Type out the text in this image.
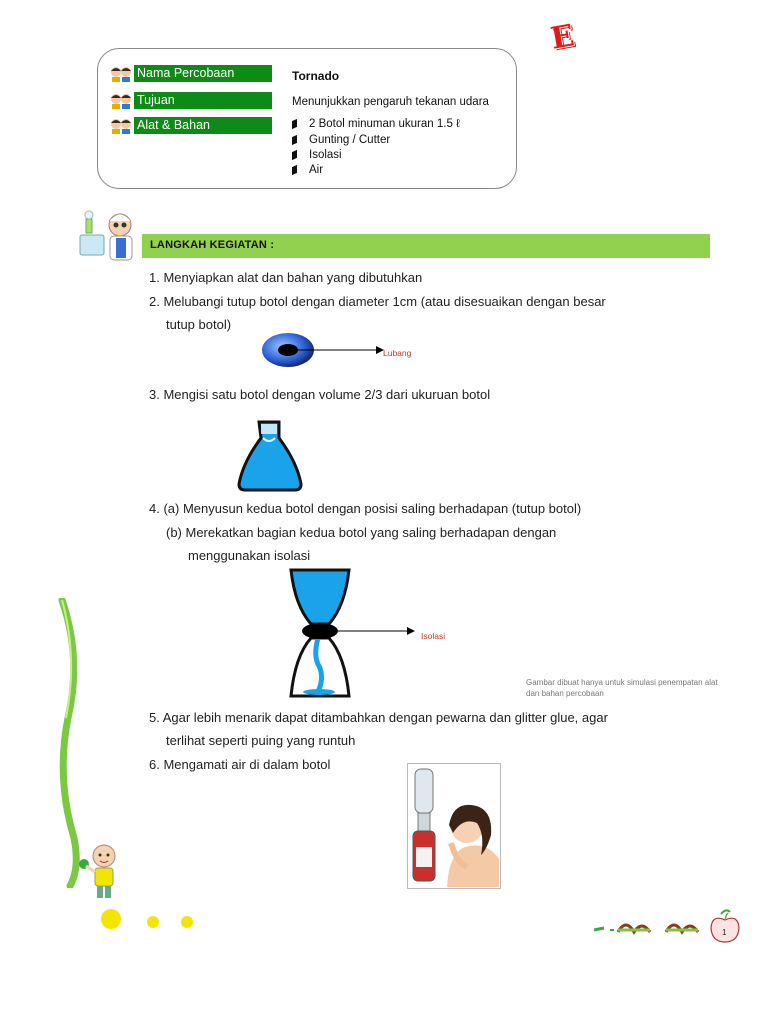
E
Nama Percobaan	Tornado
Tujuan	Menunjukkan pengaruh tekanan udara
Alat & Bahan	2 Botol minuman ukuran 1.5 ℓ
Gunting / Cutter
Isolasi
Air
LANGKAH KEGIATAN :
1. Menyiapkan alat dan bahan yang dibutuhkan
2. Melubangi tutup botol dengan diameter 1cm (atau disesuaikan dengan besar
tutup botol)
Lubang
3. Mengisi satu botol dengan volume 2/3 dari ukuruan botol
4. (a) Menyusun kedua botol dengan posisi saling berhadapan (tutup botol)
(b) Merekatkan bagian kedua botol yang saling berhadapan dengan
menggunakan isolasi
Isolasi
Gambar dibuat hanya untuk simulasi penempatan alat dan bahan percobaan
5. Agar lebih menarik dapat ditambahkan dengan pewarna dan glitter glue, agar
terlihat seperti puing yang runtuh
6. Mengamati air di dalam botol
1
